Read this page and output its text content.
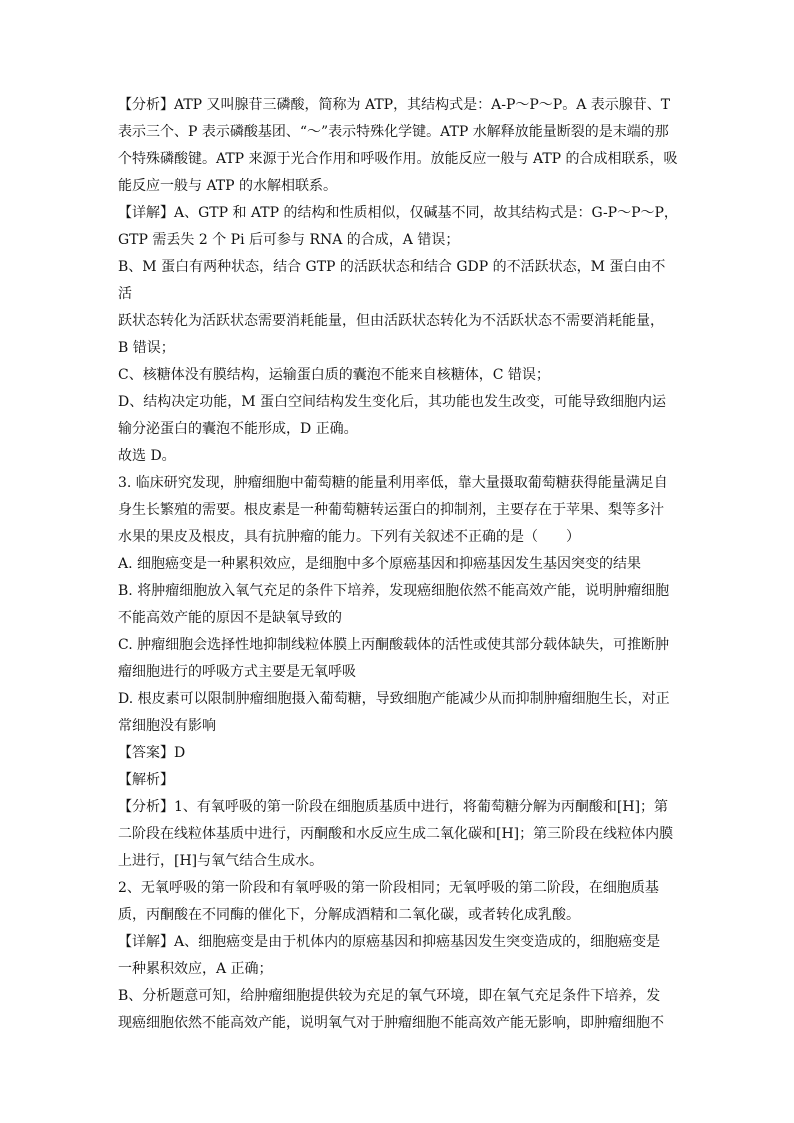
【分析】ATP 又叫腺苷三磷酸，简称为 ATP，其结构式是：A-P～P～P。A 表示腺苷、T

表示三个、P 表示磷酸基团、“～”表示特殊化学键。ATP 水解释放能量断裂的是末端的那

个特殊磷酸键。ATP 来源于光合作用和呼吸作用。放能反应一般与 ATP 的合成相联系，吸

能反应一般与 ATP 的水解相联系。

【详解】A、GTP 和 ATP 的结构和性质相似，仅碱基不同，故其结构式是：G-P～P～P，

GTP 需丢失 2 个 Pi 后可参与 RNA 的合成，A 错误；

B、M 蛋白有两种状态，结合 GTP 的活跃状态和结合 GDP 的不活跃状态，M 蛋白由不活

跃状态转化为活跃状态需要消耗能量，但由活跃状态转化为不活跃状态不需要消耗能量，

B 错误；

C、核糖体没有膜结构，运输蛋白质的囊泡不能来自核糖体，C 错误；

D、结构决定功能，M 蛋白空间结构发生变化后，其功能也发生改变，可能导致细胞内运

输分泌蛋白的囊泡不能形成，D 正确。

故选 D。

3. 临床研究发现，肿瘤细胞中葡萄糖的能量利用率低，靠大量摄取葡萄糖获得能量满足自

身生长繁殖的需要。根皮素是一种葡萄糖转运蛋白的抑制剂，主要存在于苹果、梨等多汁

水果的果皮及根皮，具有抗肿瘤的能力。下列有关叙述不正确的是（　　）

A. 细胞癌变是一种累积效应，是细胞中多个原癌基因和抑癌基因发生基因突变的结果

B. 将肿瘤细胞放入氧气充足的条件下培养，发现癌细胞依然不能高效产能，说明肿瘤细胞

不能高效产能的原因不是缺氧导致的

C. 肿瘤细胞会选择性地抑制线粒体膜上丙酮酸载体的活性或使其部分载体缺失，可推断肿

瘤细胞进行的呼吸方式主要是无氧呼吸

D. 根皮素可以限制肿瘤细胞摄入葡萄糖，导致细胞产能减少从而抑制肿瘤细胞生长，对正

常细胞没有影响

【答案】D

【解析】

【分析】1、有氧呼吸的第一阶段在细胞质基质中进行，将葡萄糖分解为丙酮酸和[H]；第

二阶段在线粒体基质中进行，丙酮酸和水反应生成二氧化碳和[H]；第三阶段在线粒体内膜

上进行，[H]与氧气结合生成水。

2、无氧呼吸的第一阶段和有氧呼吸的第一阶段相同；无氧呼吸的第二阶段，在细胞质基

质，丙酮酸在不同酶的催化下，分解成酒精和二氧化碳，或者转化成乳酸。

【详解】A、细胞癌变是由于机体内的原癌基因和抑癌基因发生突变造成的，细胞癌变是

一种累积效应，A 正确；

B、分析题意可知，给肿瘤细胞提供较为充足的氧气环境，即在氧气充足条件下培养，发

现癌细胞依然不能高效产能，说明氧气对于肿瘤细胞不能高效产能无影响，即肿瘤细胞不
